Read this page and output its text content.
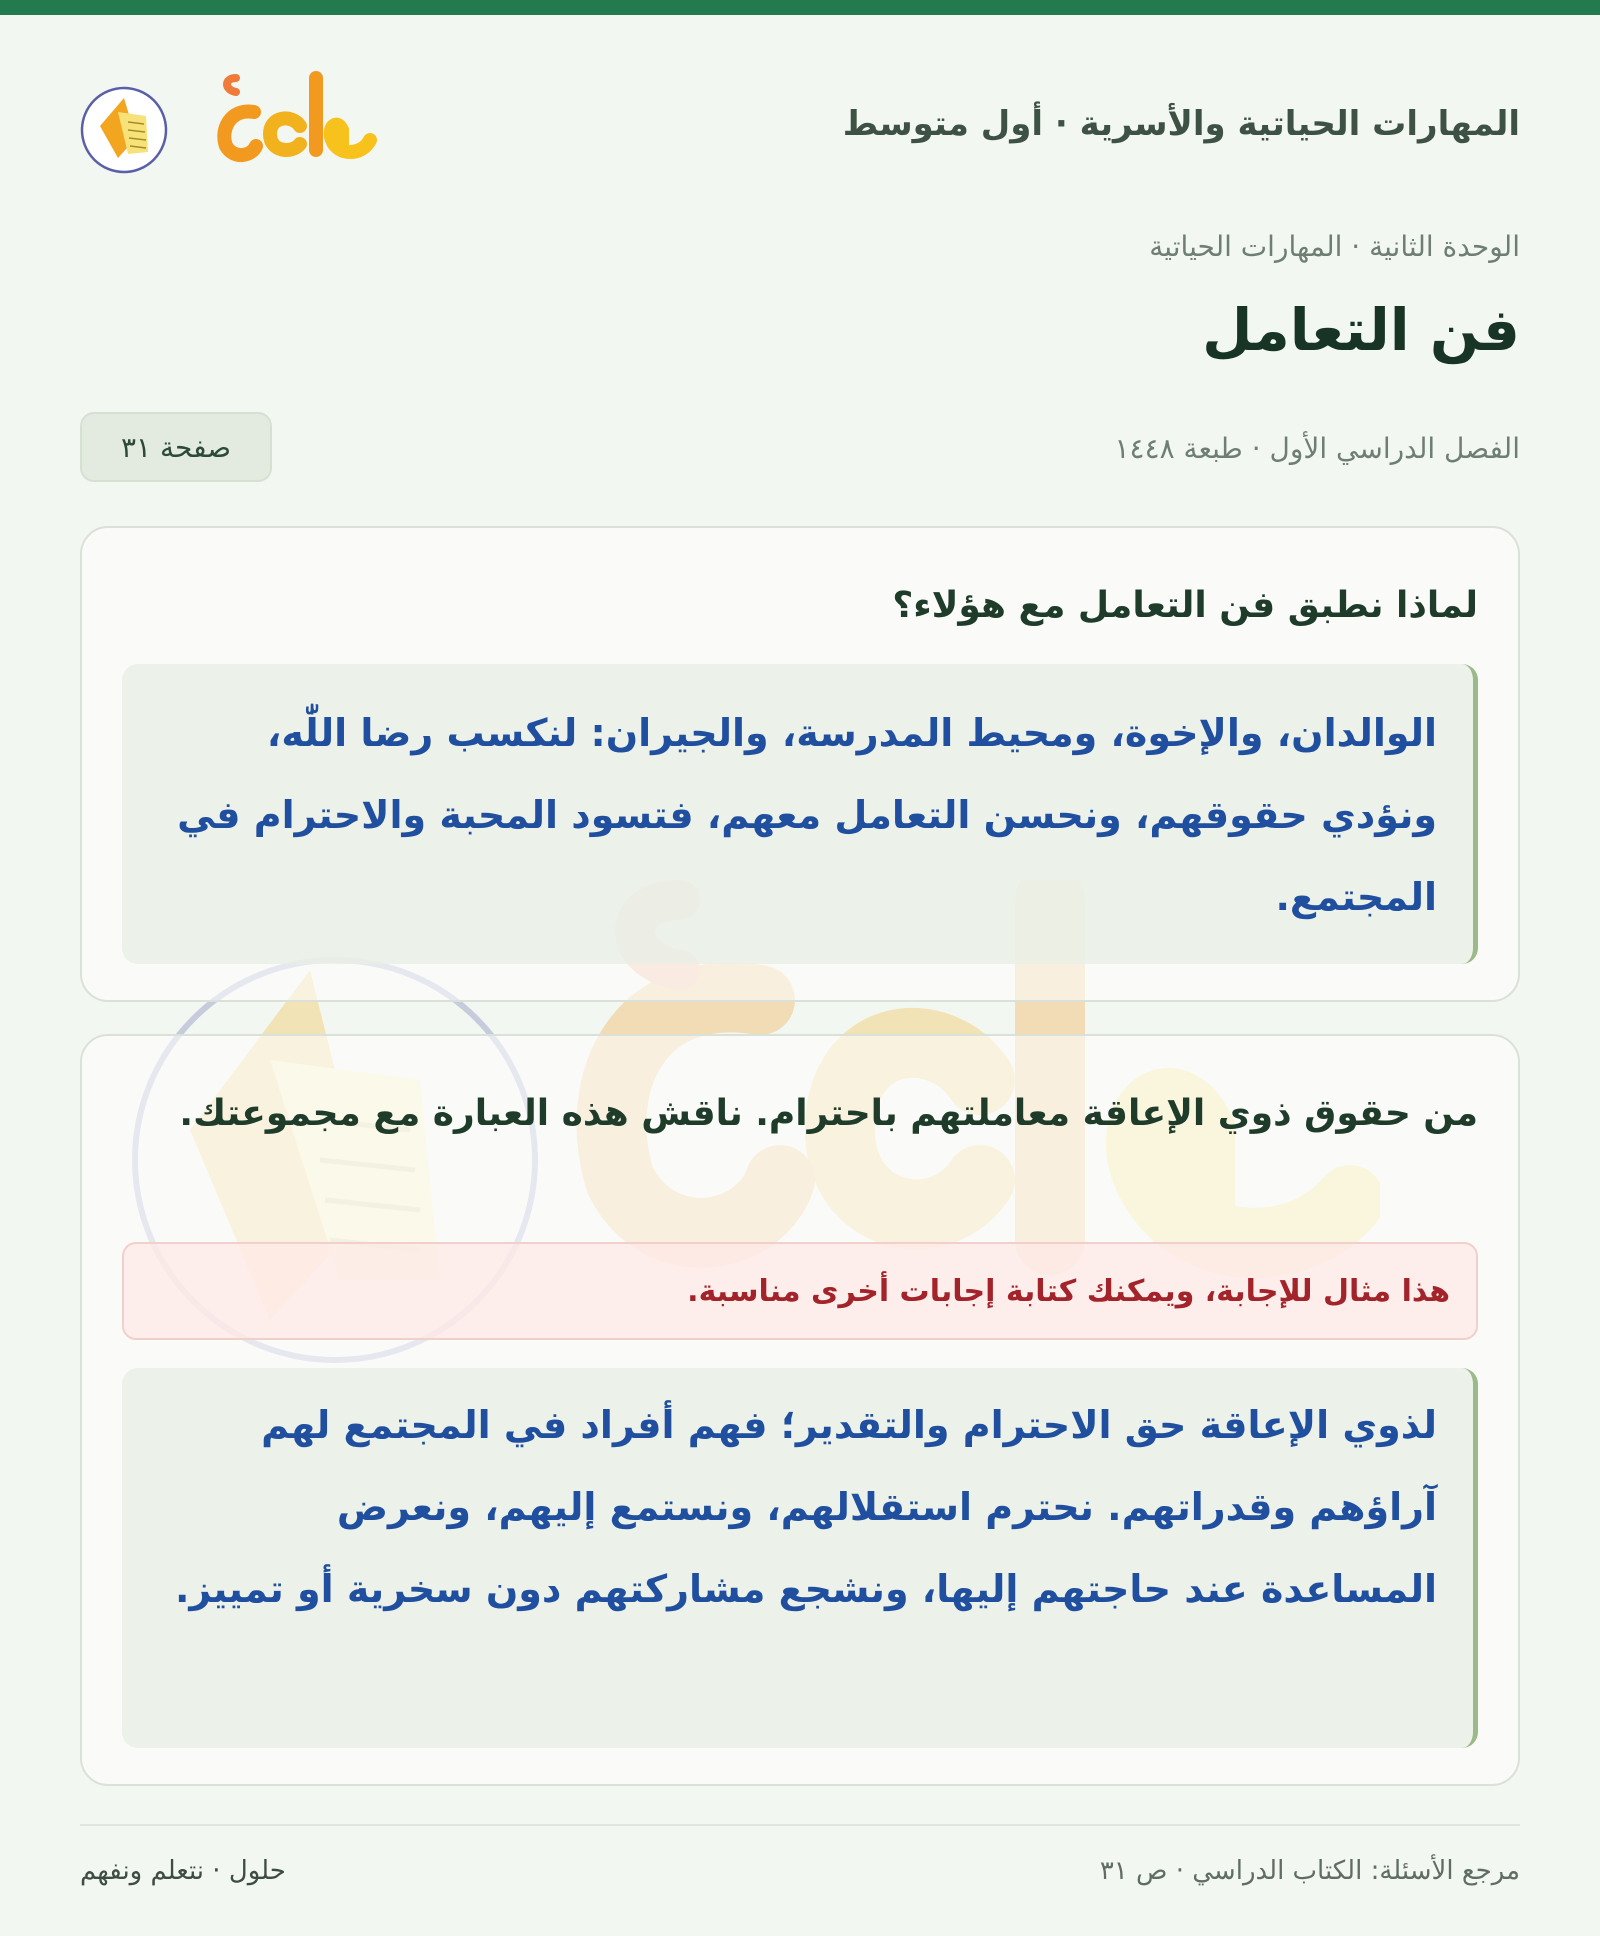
المهارات الحياتية والأسرية · أول متوسط
الوحدة الثانية · المهارات الحياتية
فن التعامل
الفصل الدراسي الأول · طبعة ١٤٤٨
صفحة ٣١
لماذا نطبق فن التعامل مع هؤلاء؟
الوالدان، والإخوة، ومحيط المدرسة، والجيران: لنكسب رضا اللّٰه، ونؤدي حقوقهم، ونحسن التعامل معهم، فتسود المحبة والاحترام في المجتمع.
من حقوق ذوي الإعاقة معاملتهم باحترام. ناقش هذه العبارة مع مجموعتك.
هذا مثال للإجابة، ويمكنك كتابة إجابات أخرى مناسبة.
لذوي الإعاقة حق الاحترام والتقدير؛ فهم أفراد في المجتمع لهم آراؤهم وقدراتهم. نحترم استقلالهم، ونستمع إليهم، ونعرض المساعدة عند حاجتهم إليها، ونشجع مشاركتهم دون سخرية أو تمييز.
مرجع الأسئلة: الكتاب الدراسي · ص ٣١
حلول · نتعلم ونفهم
